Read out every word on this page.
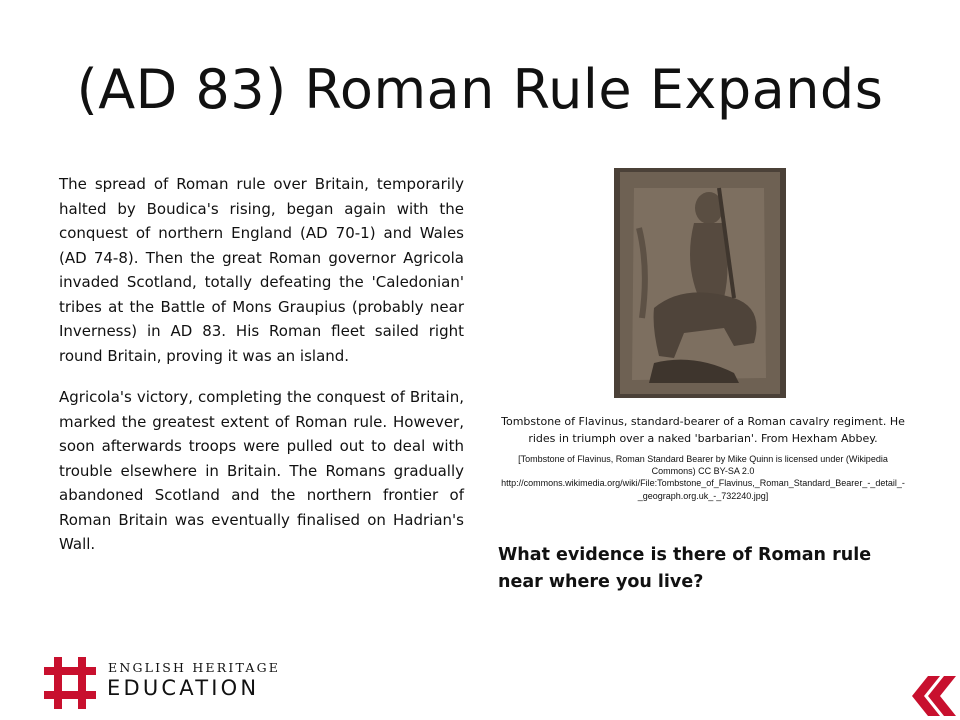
(AD 83) Roman Rule Expands

The spread of Roman rule over Britain, temporarily halted by Boudica's rising, began again with the conquest of northern England (AD 70-1) and Wales (AD 74-8). Then the great Roman governor Agricola invaded Scotland, totally defeating the 'Caledonian' tribes at the Battle of Mons Graupius (probably near Inverness) in AD 83. His Roman fleet sailed right round Britain, proving it was an island.

Agricola's victory, completing the conquest of Britain, marked the greatest extent of Roman rule. However, soon afterwards troops were pulled out to deal with trouble elsewhere in Britain. The Romans gradually abandoned Scotland and the northern frontier of Roman Britain was eventually finalised on Hadrian's Wall.

Tombstone of Flavinus, standard-bearer of a Roman cavalry regiment. He rides in triumph over a naked 'barbarian'. From Hexham Abbey.

[Tombstone of Flavinus, Roman Standard Bearer by Mike Quinn is licensed under (Wikipedia Commons) CC BY-SA 2.0 http://commons.wikimedia.org/wiki/File:Tombstone_of_Flavinus,_Roman_Standard_Bearer_-_detail_-_geograph.org.uk_-_732240.jpg]

What evidence is there of Roman rule near where you live?

ENGLISH HERITAGE
EDUCATION
